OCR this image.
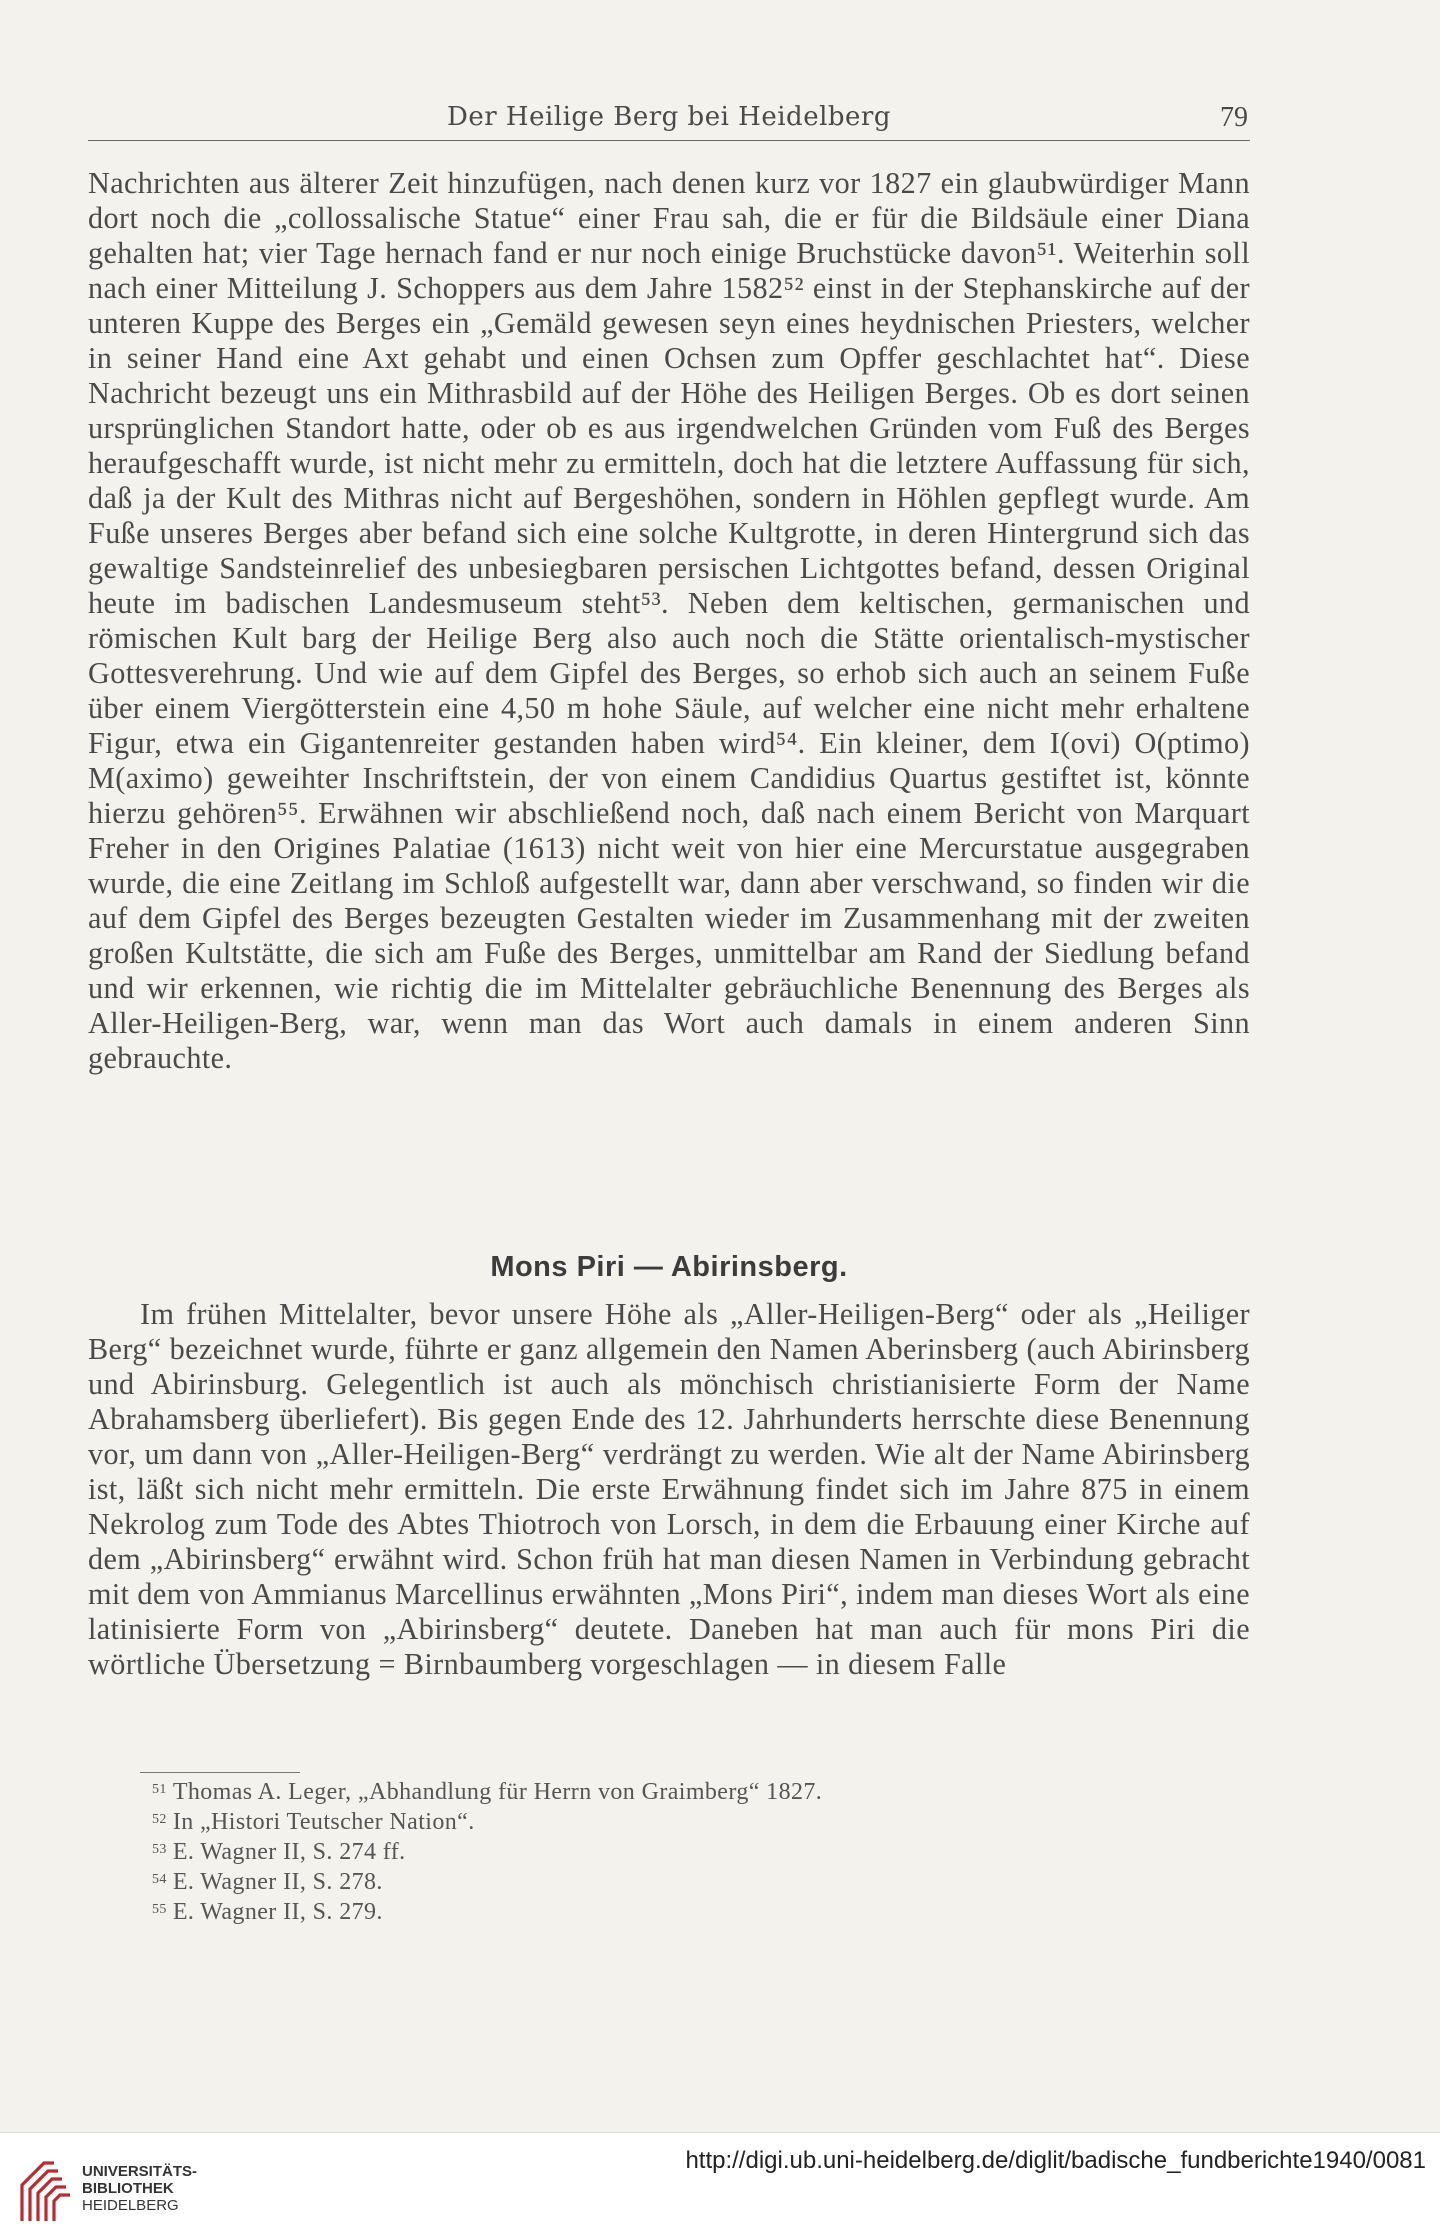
Der Heilige Berg bei Heidelberg	79

Nachrichten aus älterer Zeit hinzufügen, nach denen kurz vor 1827 ein glaubwürdiger Mann dort noch die „collossalische Statue“ einer Frau sah, die er für die Bildsäule einer Diana gehalten hat; vier Tage hernach fand er nur noch einige Bruchstücke davon⁵¹. Weiterhin soll nach einer Mitteilung J. Schoppers aus dem Jahre 1582⁵² einst in der Stephanskirche auf der unteren Kuppe des Berges ein „Gemäld gewesen seyn eines heydnischen Priesters, welcher in seiner Hand eine Axt gehabt und einen Ochsen zum Opffer geschlachtet hat“. Diese Nachricht bezeugt uns ein Mithrasbild auf der Höhe des Heiligen Berges. Ob es dort seinen ursprünglichen Standort hatte, oder ob es aus irgendwelchen Gründen vom Fuß des Berges heraufgeschafft wurde, ist nicht mehr zu ermitteln, doch hat die letztere Auffassung für sich, daß ja der Kult des Mithras nicht auf Bergeshöhen, sondern in Höhlen gepflegt wurde. Am Fuße unseres Berges aber befand sich eine solche Kultgrotte, in deren Hintergrund sich das gewaltige Sandsteinrelief des unbesiegbaren persischen Lichtgottes befand, dessen Original heute im badischen Landesmuseum steht⁵³. Neben dem keltischen, germanischen und römischen Kult barg der Heilige Berg also auch noch die Stätte orientalisch-mystischer Gottesverehrung. Und wie auf dem Gipfel des Berges, so erhob sich auch an seinem Fuße über einem Viergötterstein eine 4,50 m hohe Säule, auf welcher eine nicht mehr erhaltene Figur, etwa ein Gigantenreiter gestanden haben wird⁵⁴. Ein kleiner, dem I(ovi) O(ptimo) M(aximo) geweihter Inschriftstein, der von einem Candidius Quartus gestiftet ist, könnte hierzu gehören⁵⁵. Erwähnen wir abschließend noch, daß nach einem Bericht von Marquart Freher in den Origines Palatiae (1613) nicht weit von hier eine Mercurstatue ausgegraben wurde, die eine Zeitlang im Schloß aufgestellt war, dann aber verschwand, so finden wir die auf dem Gipfel des Berges bezeugten Gestalten wieder im Zusammenhang mit der zweiten großen Kultstätte, die sich am Fuße des Berges, unmittelbar am Rand der Siedlung befand und wir erkennen, wie richtig die im Mittelalter gebräuchliche Benennung des Berges als Aller-Heiligen-Berg, war, wenn man das Wort auch damals in einem anderen Sinn gebrauchte.

Mons Piri — Abirinsberg.

Im frühen Mittelalter, bevor unsere Höhe als „Aller-Heiligen-Berg“ oder als „Heiliger Berg“ bezeichnet wurde, führte er ganz allgemein den Namen Aberinsberg (auch Abirinsberg und Abirinsburg. Gelegentlich ist auch als mönchisch christianisierte Form der Name Abrahamsberg überliefert). Bis gegen Ende des 12. Jahrhunderts herrschte diese Benennung vor, um dann von „Aller-Heiligen-Berg“ verdrängt zu werden. Wie alt der Name Abirinsberg ist, läßt sich nicht mehr ermitteln. Die erste Erwähnung findet sich im Jahre 875 in einem Nekrolog zum Tode des Abtes Thiotroch von Lorsch, in dem die Erbauung einer Kirche auf dem „Abirinsberg“ erwähnt wird. Schon früh hat man diesen Namen in Verbindung gebracht mit dem von Ammianus Marcellinus erwähnten „Mons Piri“, indem man dieses Wort als eine latinisierte Form von „Abirinsberg“ deutete. Daneben hat man auch für mons Piri die wörtliche Übersetzung = Birnbaumberg vorgeschlagen — in diesem Falle

$^{51}$ Thomas A. Leger, „Abhandlung für Herrn von Graimberg“ 1827.
$^{52}$ In „Histori Teutscher Nation“.
$^{53}$ E. Wagner II, S. 274 ff.
$^{54}$ E. Wagner II, S. 278.
$^{55}$ E. Wagner II, S. 279.
UNIVERSITÄTS-
BIBLIOTHEK
HEIDELBERG
http://digi.ub.uni-heidelberg.de/diglit/badische_fundberichte1940/0081
